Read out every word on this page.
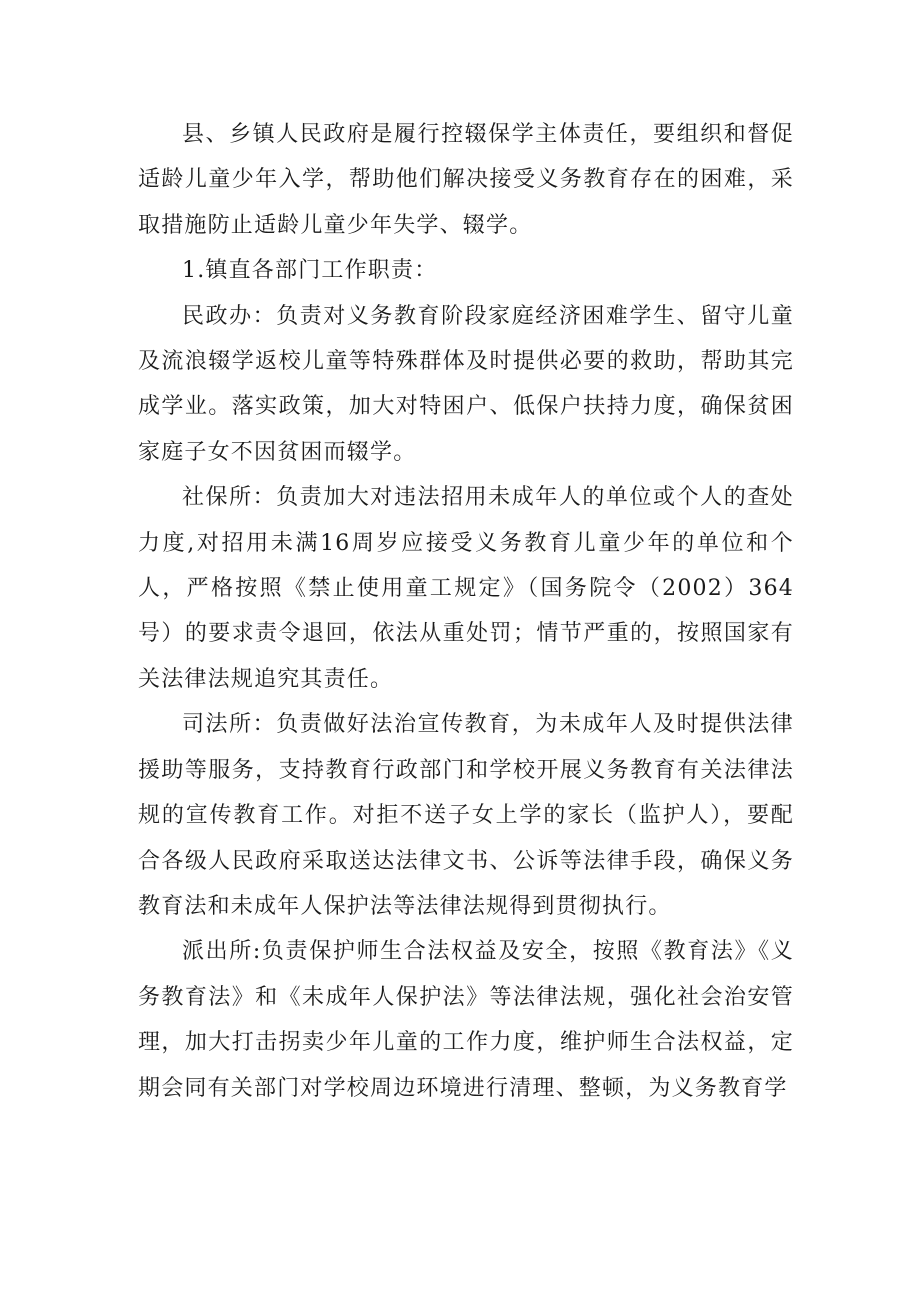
县、乡镇人民政府是履行控辍保学主体责任，要组织和督促适龄儿童少年入学，帮助他们解决接受义务教育存在的困难，采取措施防止适龄儿童少年失学、辍学。

1.镇直各部门工作职责：

民政办：负责对义务教育阶段家庭经济困难学生、留守儿童及流浪辍学返校儿童等特殊群体及时提供必要的救助，帮助其完成学业。落实政策，加大对特困户、低保户扶持力度，确保贫困家庭子女不因贫困而辍学。

社保所：负责加大对违法招用未成年人的单位或个人的查处力度,对招用未满16周岁应接受义务教育儿童少年的单位和个人，严格按照《禁止使用童工规定》（国务院令（2002）364号）的要求责令退回，依法从重处罚；情节严重的，按照国家有关法律法规追究其责任。

司法所：负责做好法治宣传教育，为未成年人及时提供法律援助等服务，支持教育行政部门和学校开展义务教育有关法律法规的宣传教育工作。对拒不送子女上学的家长（监护人），要配合各级人民政府采取送达法律文书、公诉等法律手段，确保义务教育法和未成年人保护法等法律法规得到贯彻执行。

派出所:负责保护师生合法权益及安全，按照《教育法》《义务教育法》和《未成年人保护法》等法律法规，强化社会治安管理，加大打击拐卖少年儿童的工作力度，维护师生合法权益，定期会同有关部门对学校周边环境进行清理、整顿，为义务教育学
